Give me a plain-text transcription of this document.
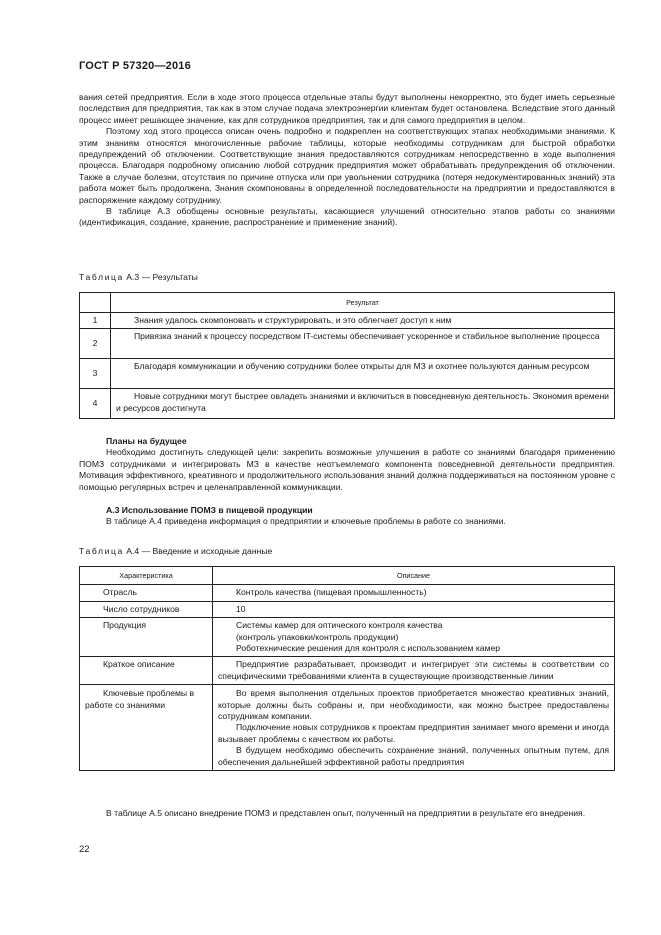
ГОСТ Р 57320—2016

вания сетей предприятия. Если в ходе этого процесса отдельные этапы будут выполнены некорректно, это будет иметь серьезные последствия для предприятия, так как в этом случае подача электроэнергии клиентам будет остановлена. Вследствие этого данный процесс имеет решающее значение, как для сотрудников предприятия, так и для самого предприятия в целом.

Поэтому ход этого процесса описан очень подробно и подкреплен на соответствующих этапах необходимыми знаниями. К этим знаниям относятся многочисленные рабочие таблицы, которые необходимы сотрудникам для быстрой обработки предупреждений об отключении. Соответствующие знания предоставляются сотрудникам непосредственно в ходе выполнения процесса. Благодаря подробному описанию любой сотрудник предприятия может обрабатывать предупреждения об отключении. Также в случае болезни, отсутствия по причине отпуска или при увольнении сотрудника (потеря недокументированных знаний) эта работа может быть продолжена. Знания скомпонованы в определенной последовательности на предприятии и предоставляются в распоряжение каждому сотруднику.

В таблице А.3 обобщены основные результаты, касающиеся улучшений относительно этапов работы со знаниями (идентификация, создание, хранение, распространение и применение знаний).

Таблица А.3 — Результаты
	Результат
1	Знания удалось скомпоновать и структурировать, и это облегчает доступ к ним
2	Привязка знаний к процессу посредством IT-системы обеспечивает ускоренное и стабильное выполнение процесса
3	Благодаря коммуникации и обучению сотрудники более открыты для МЗ и охотнее пользуются данным ресурсом
4	Новые сотрудники могут быстрее овладеть знаниями и включиться в повседневную деятельность. Экономия времени и ресурсов достигнута

Планы на будущее

Необходимо достигнуть следующей цели: закрепить возможные улучшения в работе со знаниями благодаря применению ПОМЗ сотрудниками и интегрировать МЗ в качестве неотъемлемого компонента повседневной деятельности предприятия. Мотивация эффективного, креативного и продолжительного использования знаний должна поддерживаться на постоянном уровне с помощью регулярных встреч и целенаправленной коммуникации.

А.3 Использование ПОМЗ в пищевой продукции

В таблице А.4 приведена информация о предприятии и ключевые проблемы в работе со знаниями.

Таблица А.4 — Введение и исходные данные
Характеристика	Описание
Отрасль	Контроль качества (пищевая промышленность)
Число сотрудников	10
Продукция	Системы камер для оптического контроля качества
(контроль упаковки/контроль продукции)
Роботехнические решения для контроля с использованием камер

Краткое описание	Предприятие разрабатывает, производит и интегрирует эти системы в соответствии со специфическими требованиями клиента в существующие производственные линии
Ключевые проблемы в работе со знаниями	Во время выполнения отдельных проектов приобретается множество креативных знаний, которые должны быть собраны и, при необходимости, как можно быстрее предоставлены сотрудникам компании.
Подключение новых сотрудников к проектам предприятия занимает много времени и иногда вызывает проблемы с качеством их работы.
В будущем необходимо обеспечить сохранение знаний, полученных опытным путем, для обеспечения дальнейшей эффективной работы предприятия
В таблице А.5 описано внедрение ПОМЗ и представлен опыт, полученный на предприятии в результате его внедрения.
22
